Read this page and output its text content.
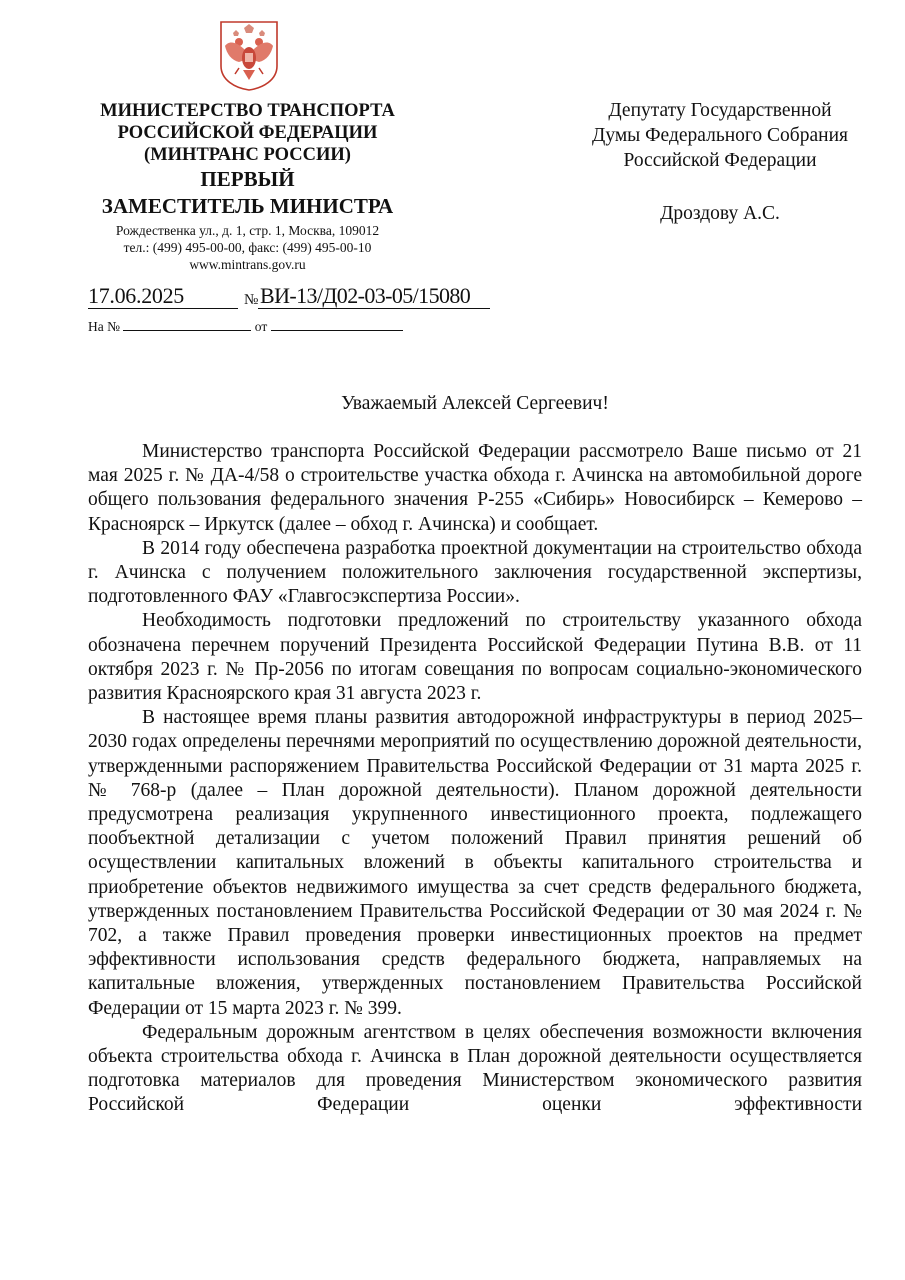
МИНИСТЕРСТВО ТРАНСПОРТА
РОССИЙСКОЙ ФЕДЕРАЦИИ
(МИНТРАНС РОССИИ)
ПЕРВЫЙ
ЗАМЕСТИТЕЛЬ МИНИСТРА
Рождественка ул., д. 1, стр. 1, Москва, 109012
тел.: (499) 495-00-00, факс: (499) 495-00-10
www.mintrans.gov.ru
Депутату Государственной
Думы Федерального Собрания
Российской Федерации
Дроздову А.С.
17.06.2025	№ ВИ-13/Д02-03-05/15080
На №	от
Уважаемый Алексей Сергеевич!

Министерство транспорта Российской Федерации рассмотрело Ваше письмо от 21 мая 2025 г. № ДА-4/58 о строительстве участка обхода г. Ачинска на автомобильной дороге общего пользования федерального значения Р-255 «Сибирь» Новосибирск – Кемерово – Красноярск – Иркутск (далее – обход г. Ачинска) и сообщает.

В 2014 году обеспечена разработка проектной документации на строительство обхода г. Ачинска с получением положительного заключения государственной экспертизы, подготовленного ФАУ «Главгосэкспертиза России».

Необходимость подготовки предложений по строительству указанного обхода обозначена перечнем поручений Президента Российской Федерации Путина В.В. от 11 октября 2023 г. № Пр-2056 по итогам совещания по вопросам социально-экономического развития Красноярского края 31 августа 2023 г.

В настоящее время планы развития автодорожной инфраструктуры в период 2025–2030 годах определены перечнями мероприятий по осуществлению дорожной деятельности, утвержденными распоряжением Правительства Российской Федерации от 31 марта 2025 г. № 768-р (далее – План дорожной деятельности). Планом дорожной деятельности предусмотрена реализация укрупненного инвестиционного проекта, подлежащего пообъектной детализации с учетом положений Правил принятия решений об осуществлении капитальных вложений в объекты капитального строительства и приобретение объектов недвижимого имущества за счет средств федерального бюджета, утвержденных постановлением Правительства Российской Федерации от 30 мая 2024 г. № 702, а также Правил проведения проверки инвестиционных проектов на предмет эффективности использования средств федерального бюджета, направляемых на капитальные вложения, утвержденных постановлением Правительства Российской Федерации от 15 марта 2023 г. № 399.

Федеральным дорожным агентством в целях обеспечения возможности включения объекта строительства обхода г. Ачинска в План дорожной деятельности осуществляется подготовка материалов для проведения Министерством экономического развития Российской Федерации оценки эффективности
